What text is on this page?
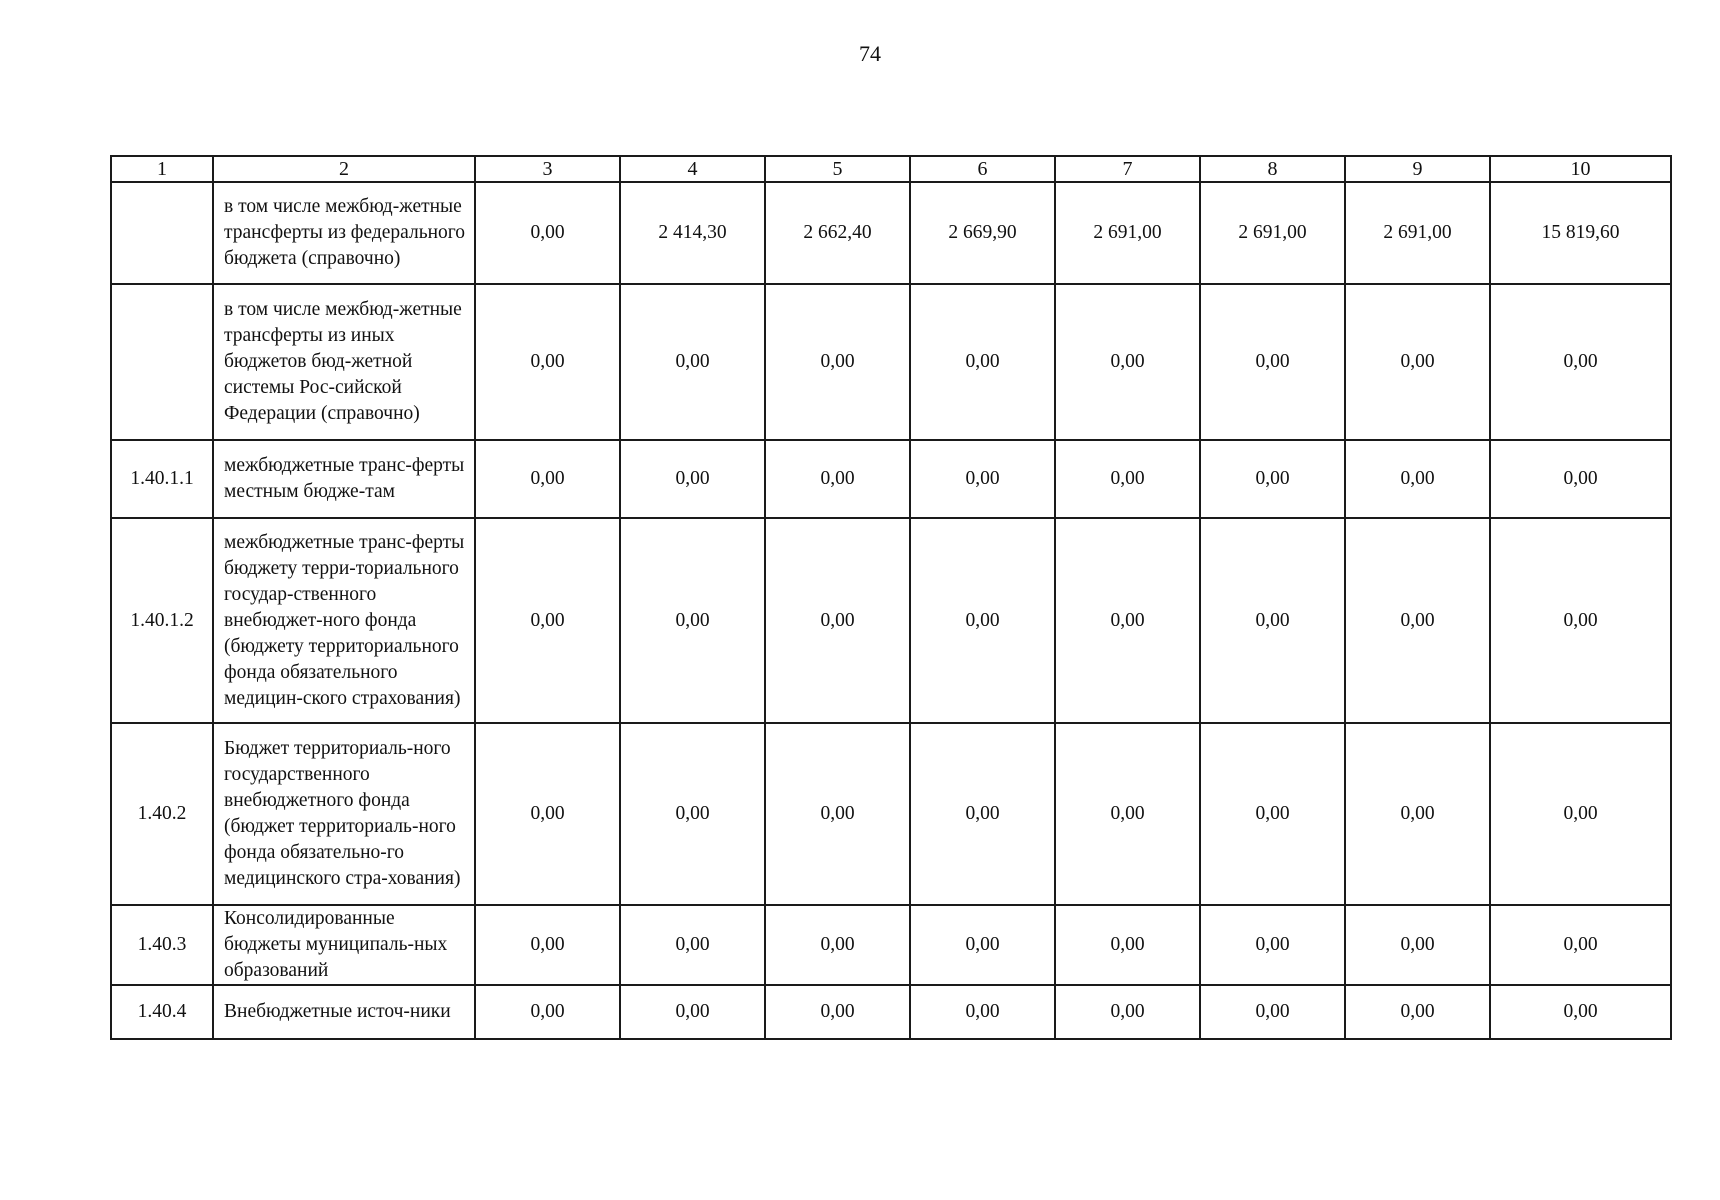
74
1	2	3	4	5	6	7	8	9	10
	в том числе межбюд-жетные трансферты из федерального бюджета (справочно)	0,00	2 414,30	2 662,40	2 669,90	2 691,00	2 691,00	2 691,00	15 819,60
	в том числе межбюд-жетные трансферты из иных бюджетов бюд-жетной системы Рос-сийской Федерации (справочно)	0,00	0,00	0,00	0,00	0,00	0,00	0,00	0,00
1.40.1.1	межбюджетные транс-ферты местным бюдже-там	0,00	0,00	0,00	0,00	0,00	0,00	0,00	0,00
1.40.1.2	межбюджетные транс-ферты бюджету терри-ториального государ-ственного внебюджет-ного фонда (бюджету территориального фонда обязательного медицин-ского страхования)	0,00	0,00	0,00	0,00	0,00	0,00	0,00	0,00
1.40.2	Бюджет территориаль-ного государственного внебюджетного фонда (бюджет территориаль-ного фонда обязательно-го медицинского стра-хования)	0,00	0,00	0,00	0,00	0,00	0,00	0,00	0,00
1.40.3	Консолидированные бюджеты муниципаль-ных образований	0,00	0,00	0,00	0,00	0,00	0,00	0,00	0,00
1.40.4	Внебюджетные источ-ники	0,00	0,00	0,00	0,00	0,00	0,00	0,00	0,00
